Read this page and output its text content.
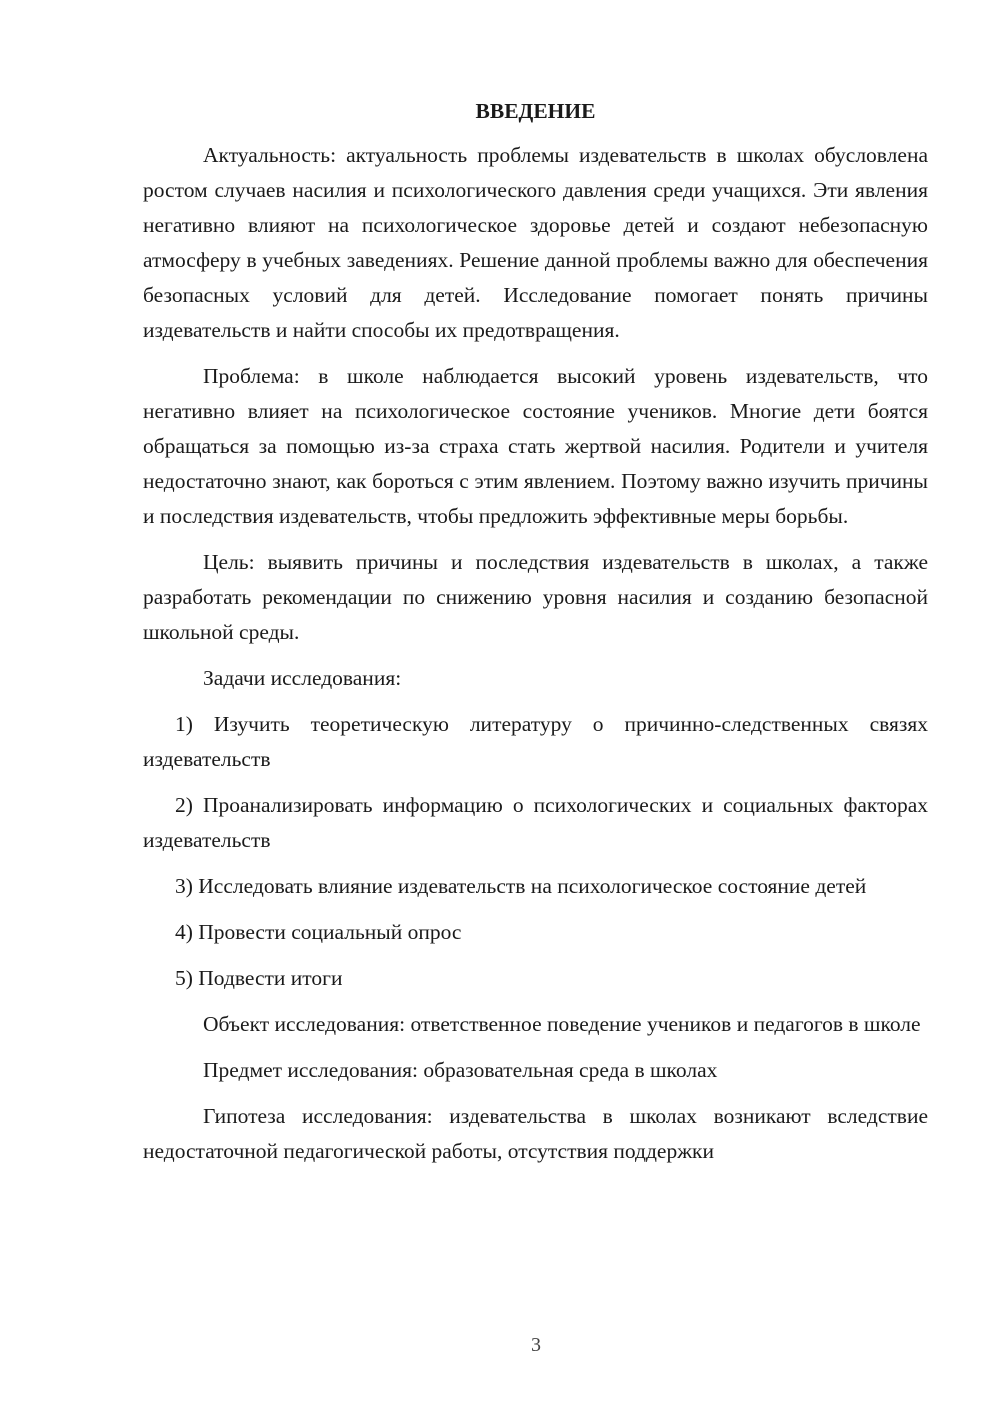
ВВЕДЕНИЕ

Актуальность: актуальность проблемы издевательств в школах обусловлена ростом случаев насилия и психологического давления среди учащихся. Эти явления негативно влияют на психологическое здоровье детей и создают небезопасную атмосферу в учебных заведениях. Решение данной проблемы важно для обеспечения безопасных условий для детей. Исследование помогает понять причины издевательств и найти способы их предотвращения.

Проблема: в школе наблюдается высокий уровень издевательств, что негативно влияет на психологическое состояние учеников. Многие дети боятся обращаться за помощью из-за страха стать жертвой насилия. Родители и учителя недостаточно знают, как бороться с этим явлением. Поэтому важно изучить причины и последствия издевательств, чтобы предложить эффективные меры борьбы.

Цель: выявить причины и последствия издевательств в школах, а также разработать рекомендации по снижению уровня насилия и созданию безопасной школьной среды.

Задачи исследования:

1) Изучить теоретическую литературу о причинно-следственных связях издевательств

2) Проанализировать информацию о психологических и социальных факторах издевательств

3) Исследовать влияние издевательств на психологическое состояние детей

4) Провести социальный опрос

5) Подвести итоги

Объект исследования: ответственное поведение учеников и педагогов в школе

Предмет исследования: образовательная среда в школах

Гипотеза исследования: издевательства в школах возникают вследствие недостаточной педагогической работы, отсутствия поддержки

3
